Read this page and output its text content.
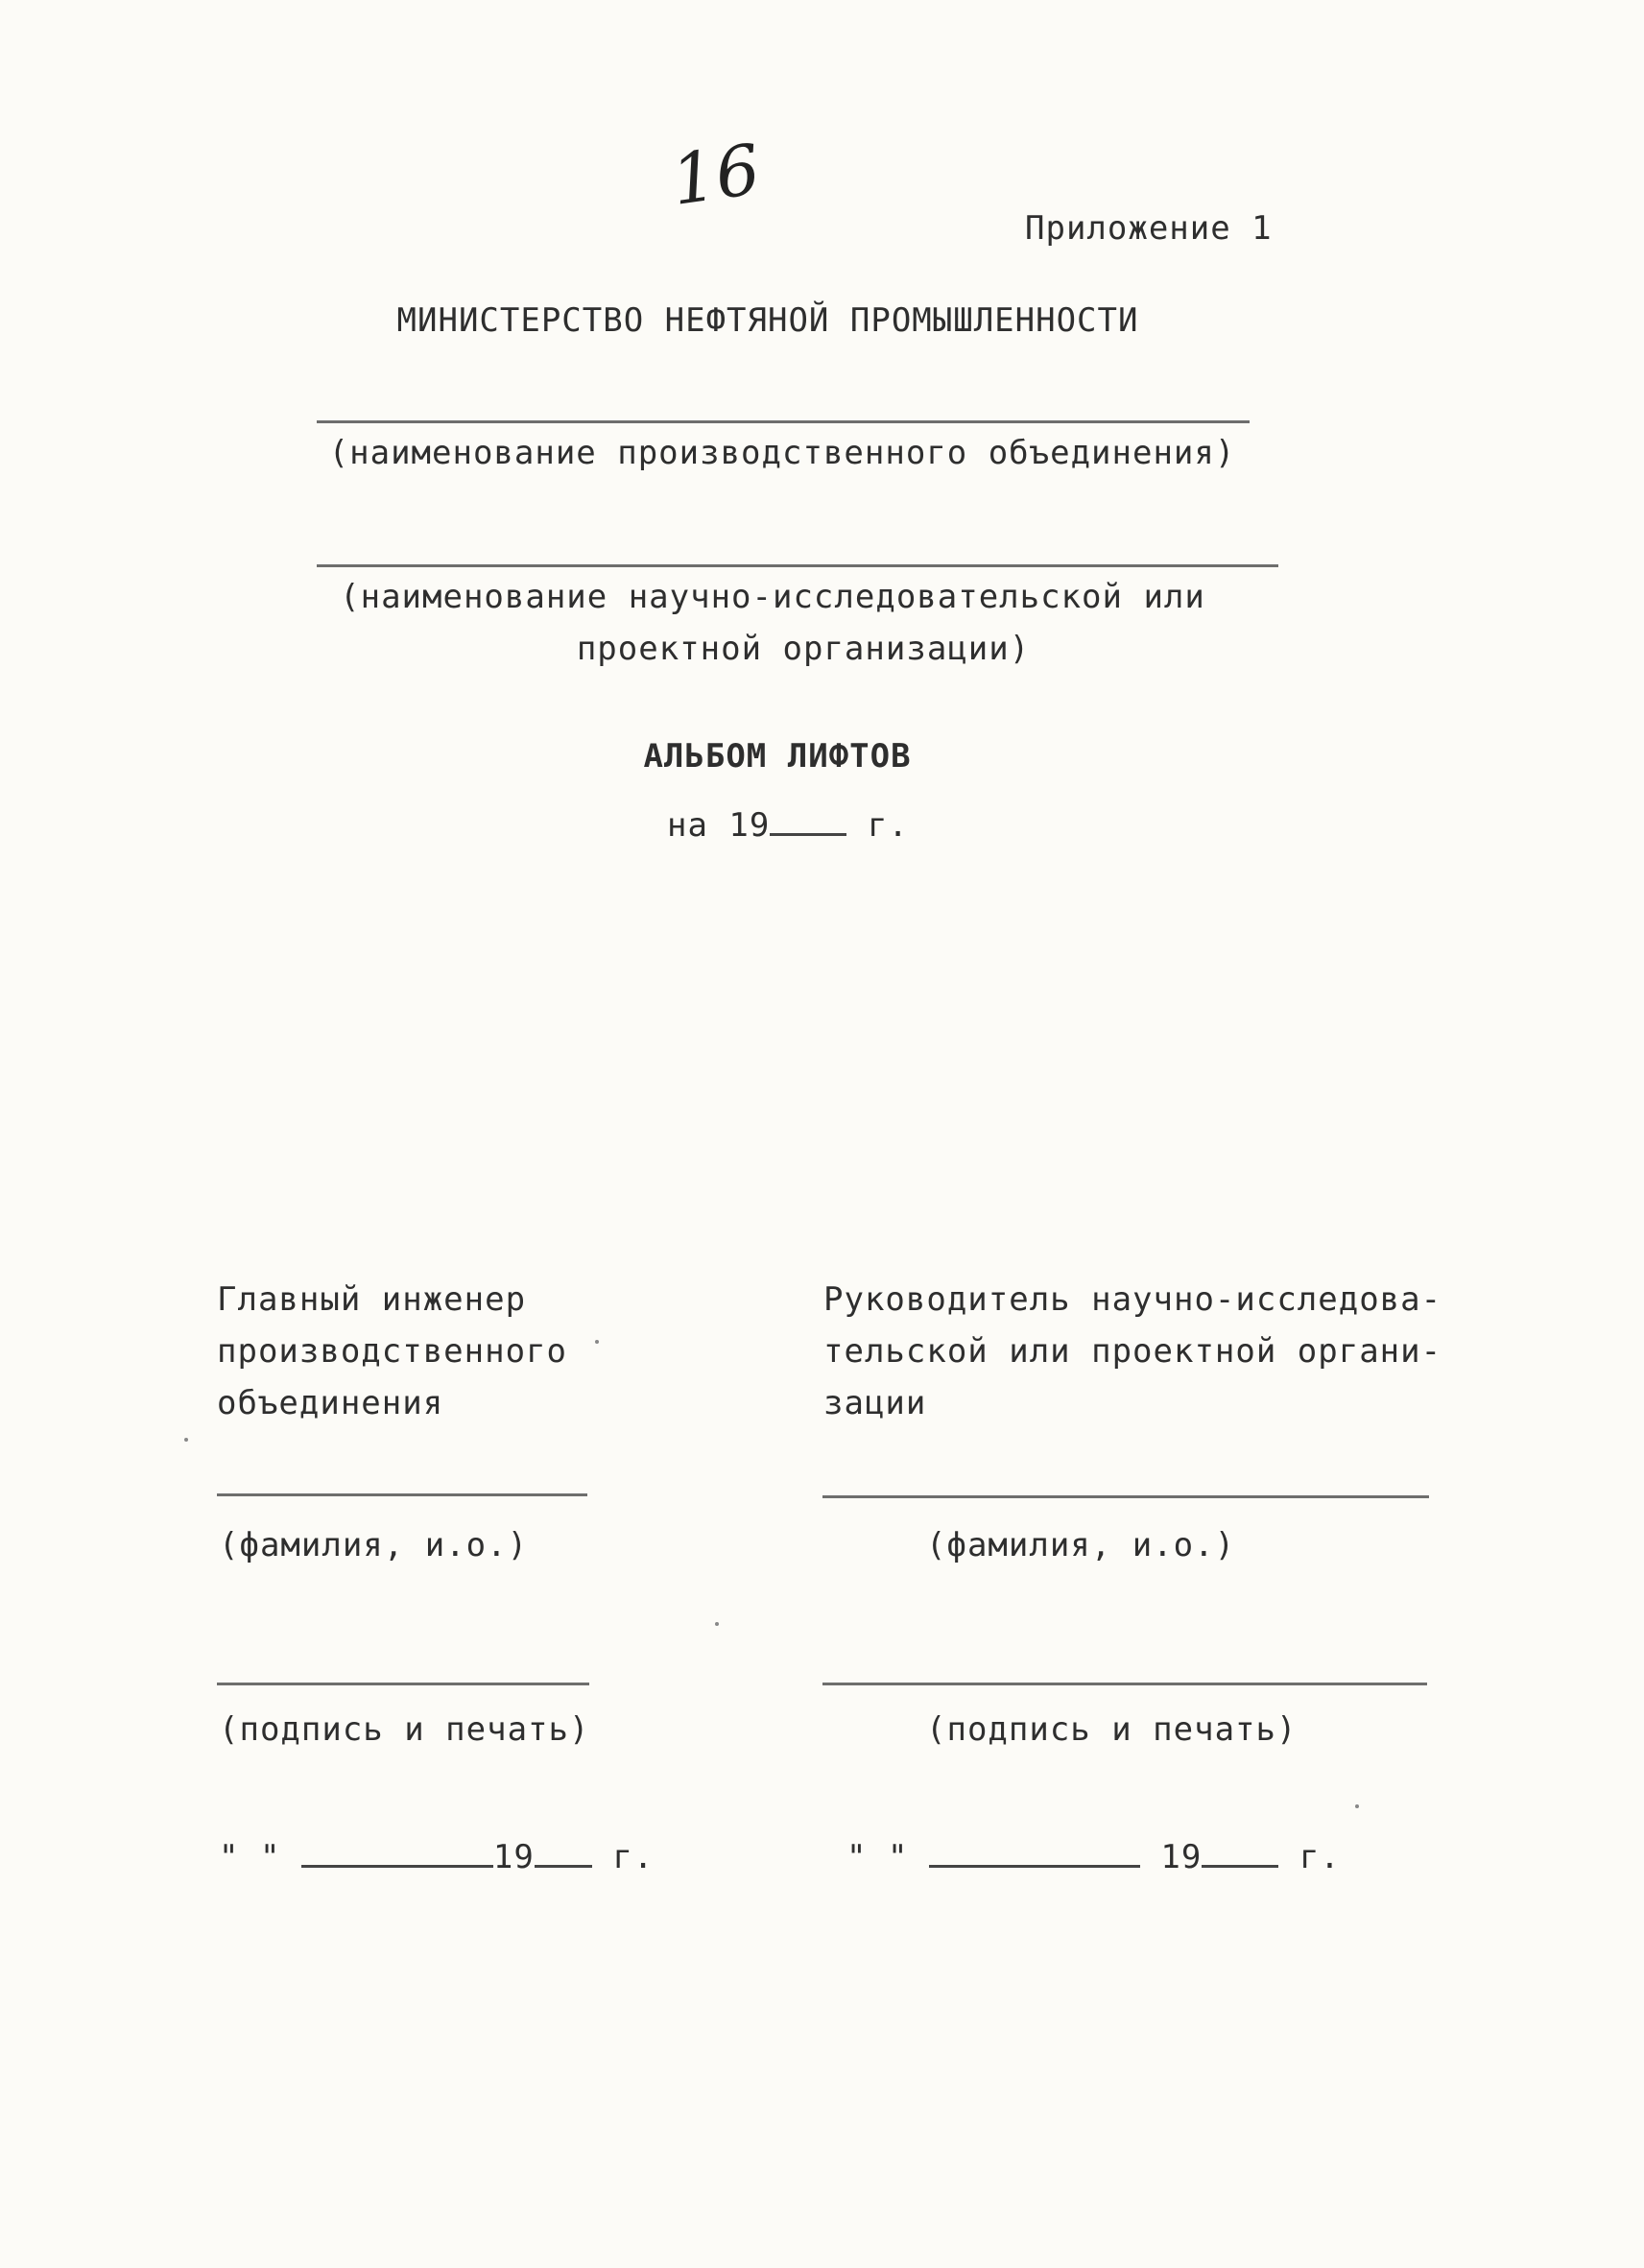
16
Приложение 1
МИНИСТЕРСТВО НЕФТЯНОЙ ПРОМЫШЛЕННОСТИ
(наименование производственного объединения)
(наименование научно-исследовательской или
проектной организации)
АЛЬБОМ ЛИФТОВ
на 19	г.
Главный инженер
производственного
объединения
(фамилия, и.о.)
(подпись и печать)
" "	19 г.
Руководитель научно-исследова-
тельской или проектной органи-
зации
(фамилия, и.о.)
(подпись и печать)
" "	19	г.
